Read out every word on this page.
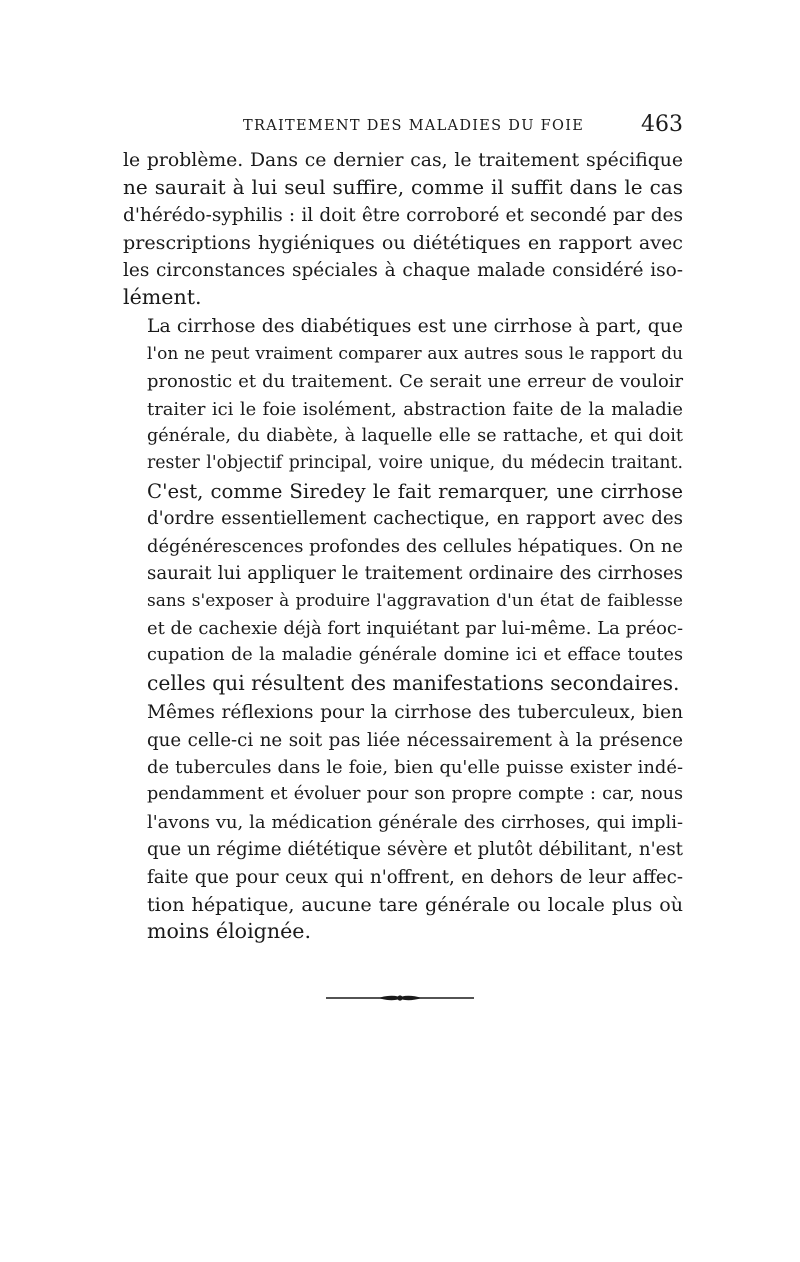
TRAITEMENT DES MALADIES DU FOIE	463

le problème. Dans ce dernier cas, le traitement spécifique
ne saurait à lui seul suffire, comme il suffit dans le cas
d'hérédo-syphilis : il doit être corroboré et secondé par des
prescriptions hygiéniques ou diététiques en rapport avec
les circonstances spéciales à chaque malade considéré iso-
lément.

La cirrhose des diabétiques est une cirrhose à part, que
l'on ne peut vraiment comparer aux autres sous le rapport du
pronostic et du traitement. Ce serait une erreur de vouloir
traiter ici le foie isolément, abstraction faite de la maladie
générale, du diabète, à laquelle elle se rattache, et qui doit
rester l'objectif principal, voire unique, du médecin traitant.
C'est, comme Siredey le fait remarquer, une cirrhose
d'ordre essentiellement cachectique, en rapport avec des
dégénérescences profondes des cellules hépatiques. On ne
saurait lui appliquer le traitement ordinaire des cirrhoses
sans s'exposer à produire l'aggravation d'un état de faiblesse
et de cachexie déjà fort inquiétant par lui-même. La préoc-
cupation de la maladie générale domine ici et efface toutes
celles qui résultent des manifestations secondaires.

Mêmes réflexions pour la cirrhose des tuberculeux, bien
que celle-ci ne soit pas liée nécessairement à la présence
de tubercules dans le foie, bien qu'elle puisse exister indé-
pendamment et évoluer pour son propre compte : car, nous
l'avons vu, la médication générale des cirrhoses, qui impli-
que un régime diététique sévère et plutôt débilitant, n'est
faite que pour ceux qui n'offrent, en dehors de leur affec-
tion hépatique, aucune tare générale ou locale plus où
moins éloignée.
